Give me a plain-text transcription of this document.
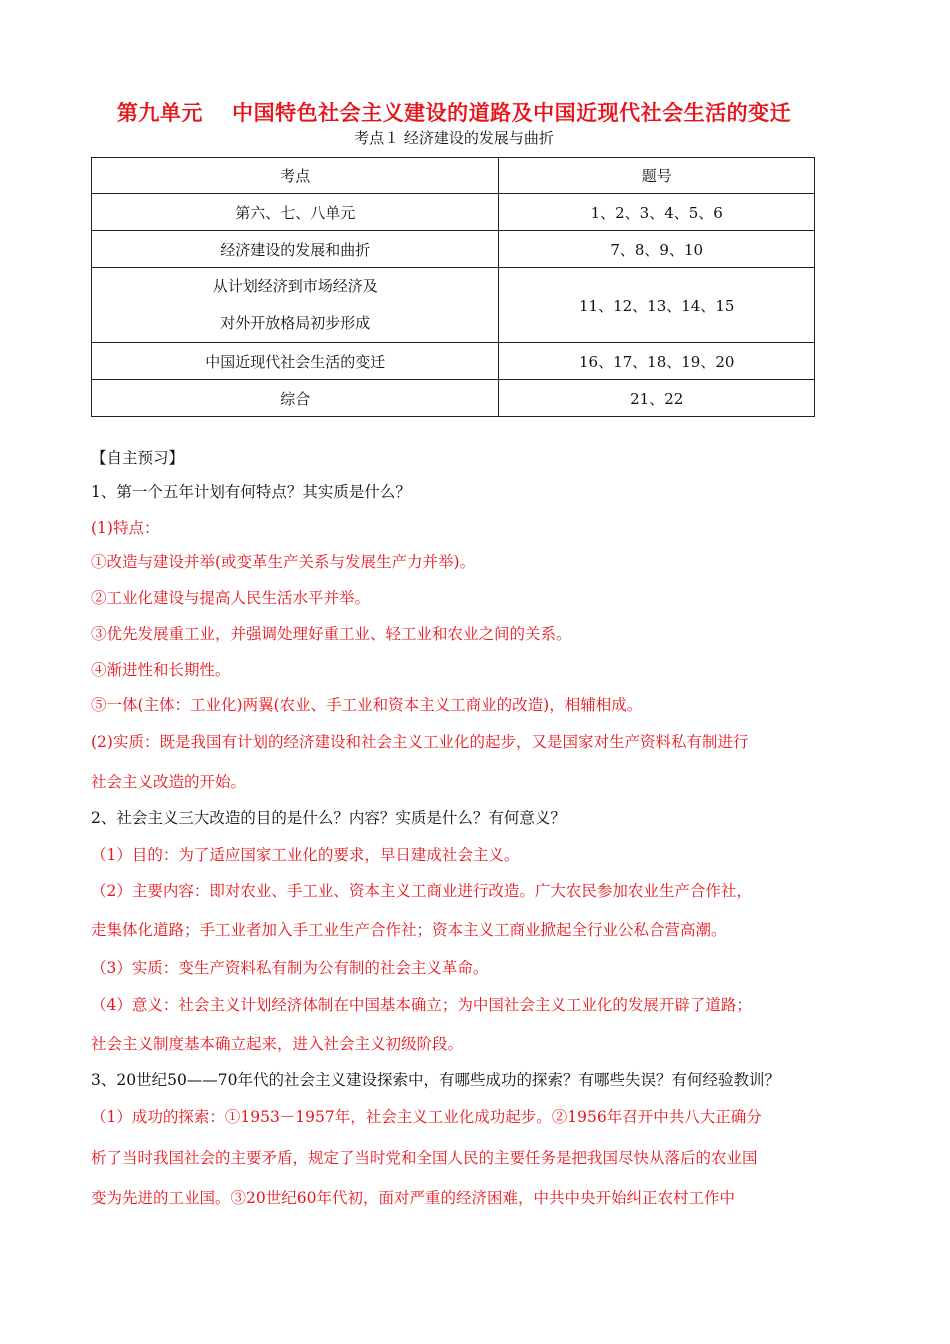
第九单元　 中国特色社会主义建设的道路及中国近现代社会生活的变迁
考点１ 经济建设的发展与曲折
考点	题号
第六、七、八单元	1、2、3、4、5、6
经济建设的发展和曲折	7、8、9、10

从计划经济到市场经济及
对外开放格局初步形成	11、12、13、14、15
中国近现代社会生活的变迁	16、17、18、19、20
综合	21、22
【自主预习】
1、第一个五年计划有何特点？其实质是什么？
(1)特点：
①改造与建设并举(或变革生产关系与发展生产力并举)。
②工业化建设与提高人民生活水平并举。
③优先发展重工业，并强调处理好重工业、轻工业和农业之间的关系。
④渐进性和长期性。
⑤一体(主体：工业化)两翼(农业、手工业和资本主义工商业的改造)，相辅相成。
(2)实质：既是我国有计划的经济建设和社会主义工业化的起步，又是国家对生产资料私有制进行
社会主义改造的开始。
2、社会主义三大改造的目的是什么？内容？实质是什么？有何意义？
（1）目的：为了适应国家工业化的要求，早日建成社会主义。
（2）主要内容：即对农业、手工业、资本主义工商业进行改造。广大农民参加农业生产合作社，
走集体化道路；手工业者加入手工业生产合作社；资本主义工商业掀起全行业公私合营高潮。
（3）实质：变生产资料私有制为公有制的社会主义革命。
（4）意义：社会主义计划经济体制在中国基本确立；为中国社会主义工业化的发展开辟了道路；
社会主义制度基本确立起来，进入社会主义初级阶段。
3、20世纪50——70年代的社会主义建设探索中，有哪些成功的探索？有哪些失误？有何经验教训？
（1）成功的探索：①1953－1957年，社会主义工业化成功起步。②1956年召开中共八大正确分
析了当时我国社会的主要矛盾，规定了当时党和全国人民的主要任务是把我国尽快从落后的农业国
变为先进的工业国。③20世纪60年代初，面对严重的经济困难，中共中央开始纠正农村工作中
